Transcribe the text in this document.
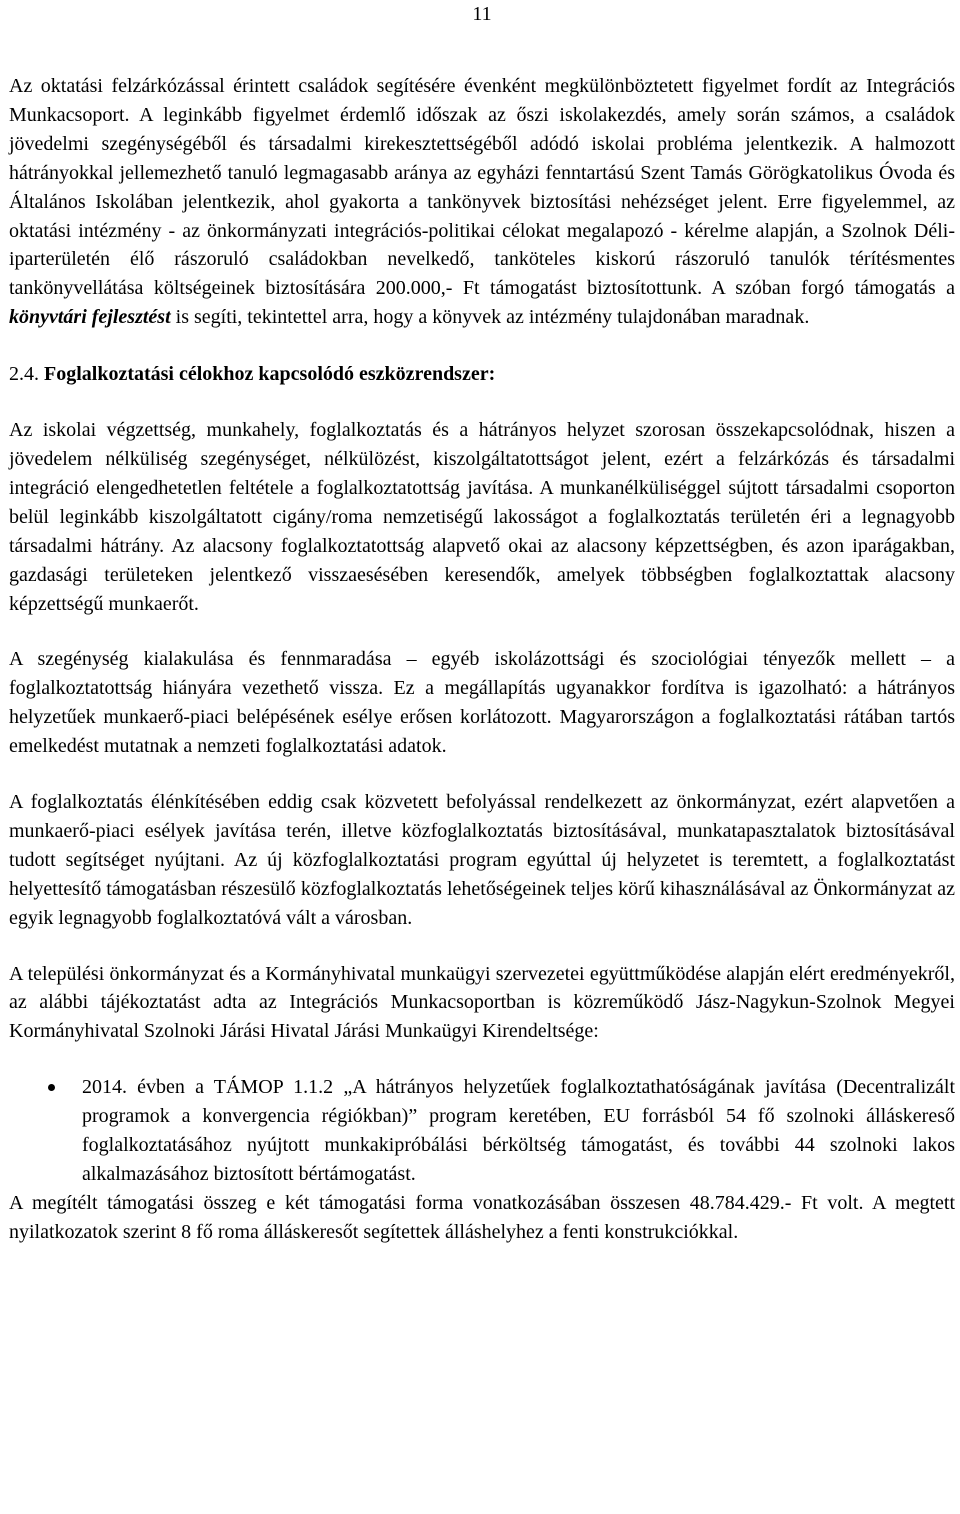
11

Az oktatási felzárkózással érintett családok segítésére évenként megkülönböztetett figyelmet fordít az Integrációs Munkacsoport. A leginkább figyelmet érdemlő időszak az őszi iskolakezdés, amely során számos, a családok jövedelmi szegénységéből és társadalmi kirekesztettségéből adódó iskolai probléma jelentkezik. A halmozott hátrányokkal jellemezhető tanuló legmagasabb aránya az egyházi fenntartású Szent Tamás Görögkatolikus Óvoda és Általános Iskolában jelentkezik, ahol gyakorta a tankönyvek biztosítási nehézséget jelent. Erre figyelemmel, az oktatási intézmény - az önkormányzati integrációs-politikai célokat megalapozó - kérelme alapján, a Szolnok Déli-iparterületén élő rászoruló családokban nevelkedő, tanköteles kiskorú rászoruló tanulók térítésmentes tankönyvellátása költségeinek biztosítására 200.000,- Ft támogatást biztosítottunk. A szóban forgó támogatás a könyvtári fejlesztést is segíti, tekintettel arra, hogy a könyvek az intézmény tulajdonában maradnak.

2.4. Foglalkoztatási célokhoz kapcsolódó eszközrendszer:

Az iskolai végzettség, munkahely, foglalkoztatás és a hátrányos helyzet szorosan összekapcsolódnak, hiszen a jövedelem nélküliség szegénységet, nélkülözést, kiszolgáltatottságot jelent, ezért a felzárkózás és társadalmi integráció elengedhetetlen feltétele a foglalkoztatottság javítása. A munkanélküliséggel sújtott társadalmi csoporton belül leginkább kiszolgáltatott cigány/roma nemzetiségű lakosságot a foglalkoztatás területén éri a legnagyobb társadalmi hátrány. Az alacsony foglalkoztatottság alapvető okai az alacsony képzettségben, és azon iparágakban, gazdasági területeken jelentkező visszaesésében keresendők, amelyek többségben foglalkoztattak alacsony képzettségű munkaerőt.

A szegénység kialakulása és fennmaradása – egyéb iskolázottsági és szociológiai tényezők mellett – a foglalkoztatottság hiányára vezethető vissza. Ez a megállapítás ugyanakkor fordítva is igazolható: a hátrányos helyzetűek munkaerő-piaci belépésének esélye erősen korlátozott. Magyarországon a foglalkoztatási rátában tartós emelkedést mutatnak a nemzeti foglalkoztatási adatok.

A foglalkoztatás élénkítésében eddig csak közvetett befolyással rendelkezett az önkormányzat, ezért alapvetően a munkaerő-piaci esélyek javítása terén, illetve közfoglalkoztatás biztosításával, munkatapasztalatok biztosításával tudott segítséget nyújtani. Az új közfoglalkoztatási program egyúttal új helyzetet is teremtett, a foglalkoztatást helyettesítő támogatásban részesülő közfoglalkoztatás lehetőségeinek teljes körű kihasználásával az Önkormányzat az egyik legnagyobb foglalkoztatóvá vált a városban.

A települési önkormányzat és a Kormányhivatal munkaügyi szervezetei együttműködése alapján elért eredményekről, az alábbi tájékoztatást adta az Integrációs Munkacsoportban is közreműködő Jász-Nagykun-Szolnok Megyei Kormányhivatal Szolnoki Járási Hivatal Járási Munkaügyi Kirendeltsége:

2014. évben a TÁMOP 1.1.2 „A hátrányos helyzetűek foglalkoztathatóságának javítása (Decentralizált programok a konvergencia régiókban)” program keretében, EU forrásból 54 fő szolnoki álláskereső foglalkoztatásához nyújtott munkakipróbálási bérköltség támogatást, és további 44 szolnoki lakos alkalmazásához biztosított bértámogatást.

A megítélt támogatási összeg e két támogatási forma vonatkozásában összesen 48.784.429.- Ft volt. A megtett nyilatkozatok szerint 8 fő roma álláskeresőt segítettek álláshelyhez a fenti konstrukciókkal.
